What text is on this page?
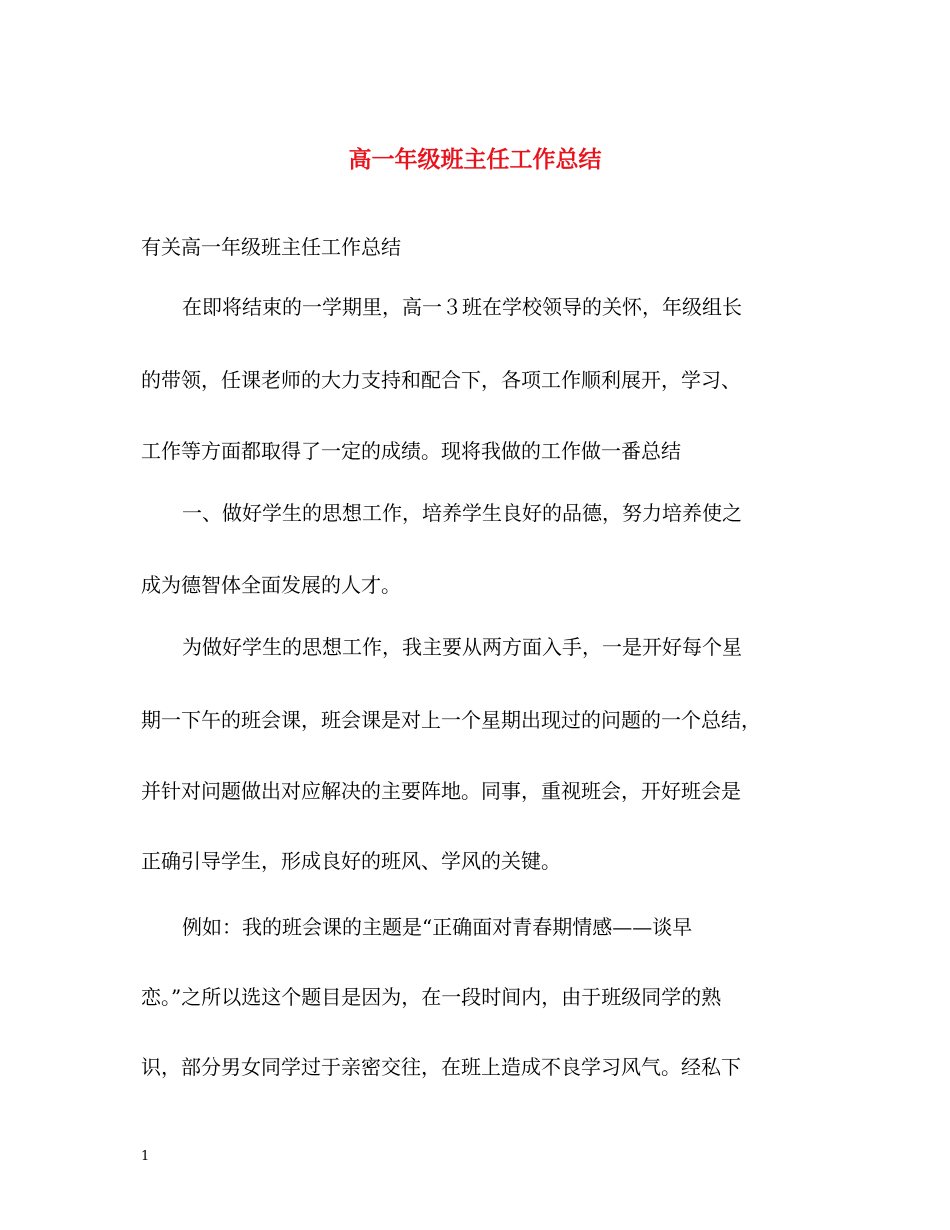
高一年级班主任工作总结
有关高一年级班主任工作总结
在即将结束的一学期里，高一３班在学校领导的关怀，年级组长
的带领，任课老师的大力支持和配合下，各项工作顺利展开，学习、
工作等方面都取得了一定的成绩。现将我做的工作做一番总结
一、做好学生的思想工作，培养学生良好的品德，努力培养使之
成为德智体全面发展的人才。
为做好学生的思想工作，我主要从两方面入手，一是开好每个星
期一下午的班会课，班会课是对上一个星期出现过的问题的一个总结，
并针对问题做出对应解决的主要阵地。同事，重视班会，开好班会是
正确引导学生，形成良好的班风、学风的关键。
例如：我的班会课的主题是“正确面对青春期情感——谈早
恋。”之所以选这个题目是因为，在一段时间内，由于班级同学的熟
识，部分男女同学过于亲密交往，在班上造成不良学习风气。经私下
1
